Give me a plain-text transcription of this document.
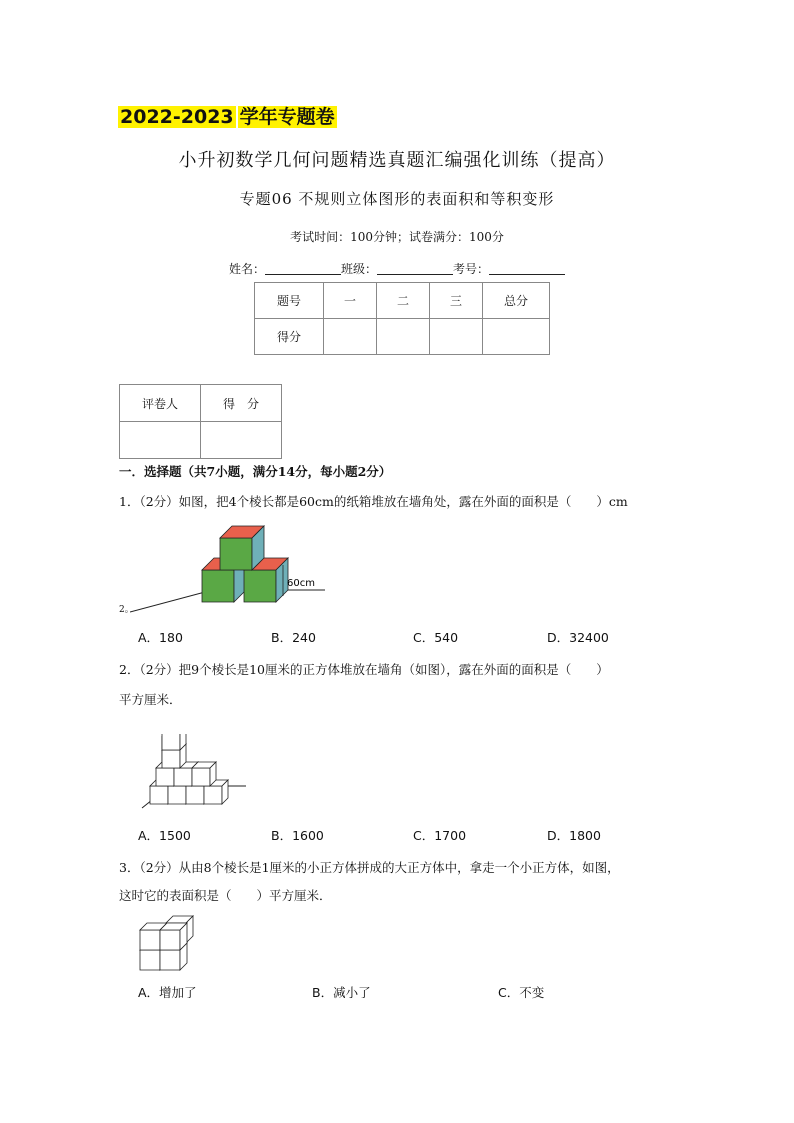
2022-2023 学年专题卷
小升初数学几何问题精选真题汇编强化训练（提高）
专题06 不规则立体图形的表面积和等积变形
考试时间：100分钟；试卷满分：100分
姓名：	班级：	考号：
题号	一	二	三	总分
得分				
评卷人	得　分

一．选择题（共7小题，满分14分，每小题2分）
1．（2分）如图，把4个棱长都是60cm的纸箱堆放在墙角处，露在外面的面积是（　　）cm
60cm
2。
A．180	B．240	C．540	D．32400
2．（2分）把9个棱长是10厘米的正方体堆放在墙角（如图），露在外面的面积是（　　）
平方厘米．
A．1500	B．1600	C．1700	D．1800
3．（2分）从由8个棱长是1厘米的小正方体拼成的大正方体中，拿走一个小正方体，如图，
这时它的表面积是（　　）平方厘米．
A．增加了	B．减小了	C．不变
